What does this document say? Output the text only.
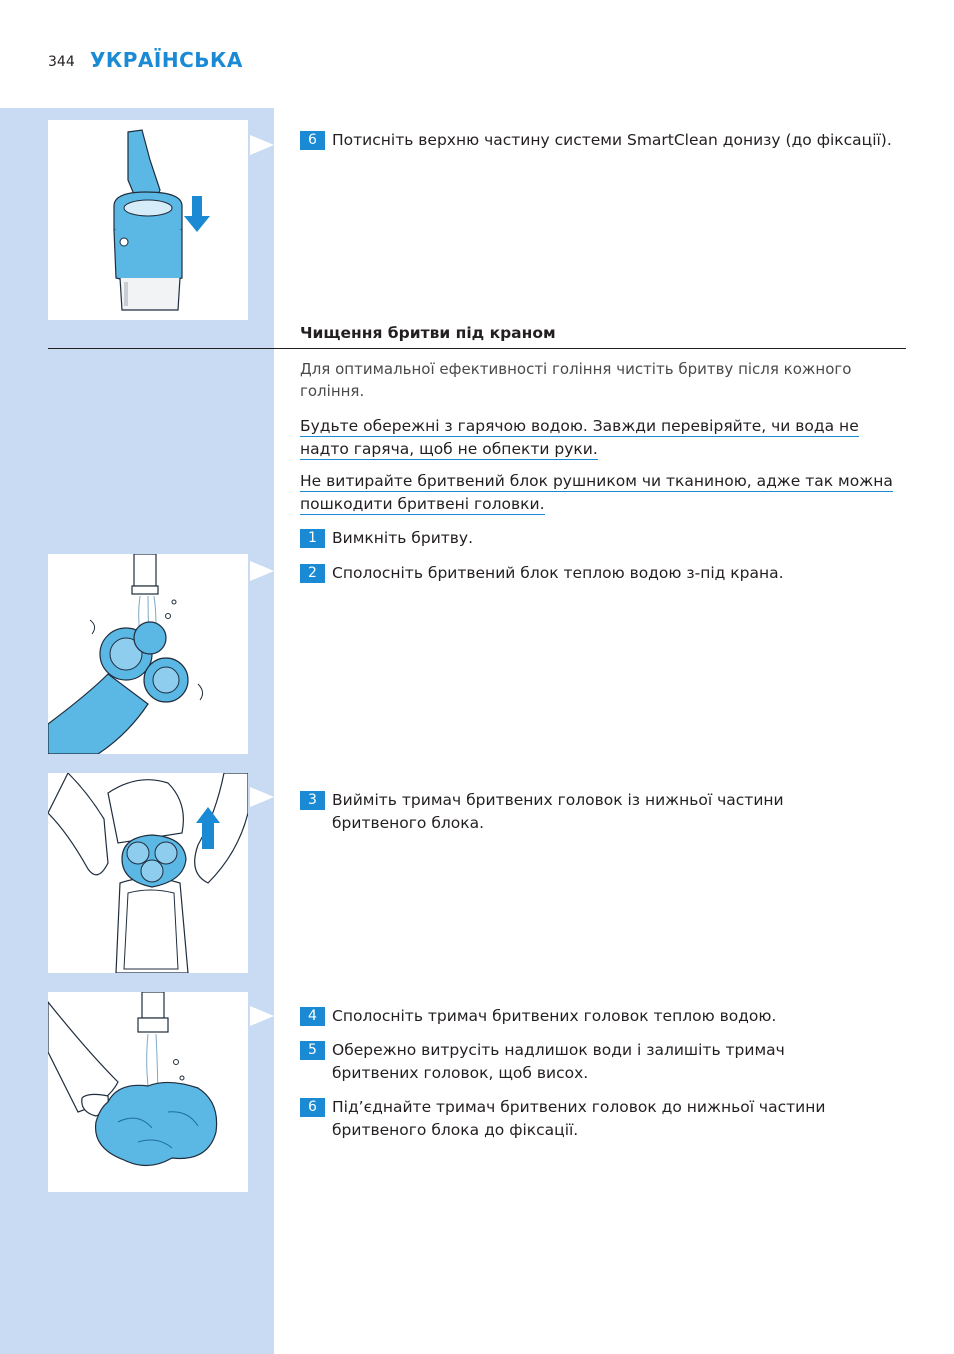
344 УКРАЇНСЬКА
6 Потисніть верхню частину системи SmartClean донизу (до фіксації).
Чищення бритви під краном
Для оптимальної ефективності гоління чистіть бритву після кожного гоління.
Будьте обережні з гарячою водою. Завжди перевіряйте, чи вода не надто гаряча, щоб не обпекти руки.
Не витирайте бритвений блок рушником чи тканиною, адже так можна пошкодити бритвені головки.
1 Вимкніть бритву.
2 Сполосніть бритвений блок теплою водою з-під крана.
3 Вийміть тримач бритвених головок із нижньої частини бритвеного блока.
4 Сполосніть тримач бритвених головок теплою водою.
5 Обережно витрусіть надлишок води і залишіть тримач бритвених головок, щоб висох.
6 Під’єднайте тримач бритвених головок до нижньої частини бритвеного блока до фіксації.
